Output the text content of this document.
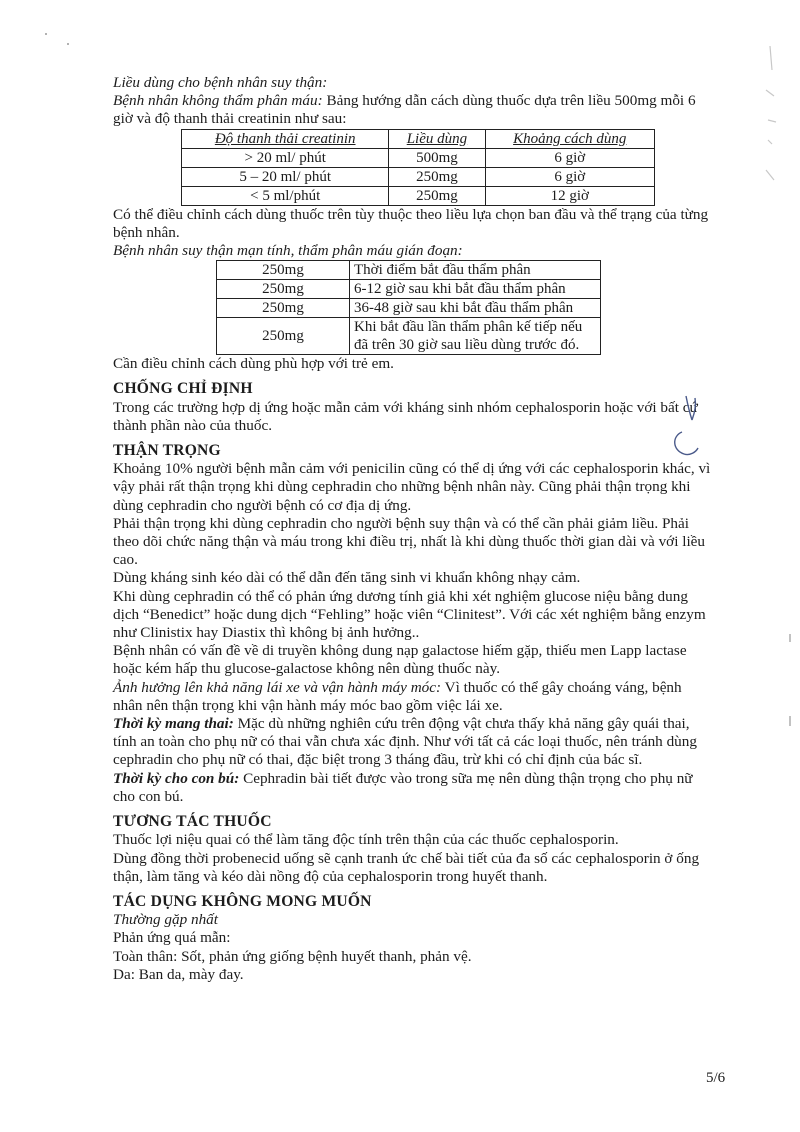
Liều dùng cho bệnh nhân suy thận:

Bệnh nhân không thẩm phân máu: Bảng hướng dẫn cách dùng thuốc dựa trên liều 500mg mỗi 6 giờ và độ thanh thải creatinin như sau:

Độ thanh thải creatinin	Liều dùng	Khoảng cách dùng
> 20 ml/ phút	500mg	6 giờ
5 – 20 ml/ phút	250mg	6 giờ
< 5 ml/phút	250mg	12 giờ

Có thể điều chỉnh cách dùng thuốc trên tùy thuộc theo liều lựa chọn ban đầu và thể trạng của từng bệnh nhân.

Bệnh nhân suy thận mạn tính, thẩm phân máu gián đoạn:

250mg	Thời điểm bắt đầu thẩm phân
250mg	6-12 giờ sau khi bắt đầu thẩm phân
250mg	36-48 giờ sau khi bắt đầu thẩm phân
250mg	Khi bắt đầu lần thẩm phân kế tiếp nếu đã trên 30 giờ sau liều dùng trước đó.

Cần điều chỉnh cách dùng phù hợp với trẻ em.

CHỐNG CHỈ ĐỊNH

Trong các trường hợp dị ứng hoặc mẫn cảm với kháng sinh nhóm cephalosporin hoặc với bất cứ thành phần nào của thuốc.

THẬN TRỌNG

Khoảng 10% người bệnh mẫn cảm với penicilin cũng có thể dị ứng với các cephalosporin khác, vì vậy phải rất thận trọng khi dùng cephradin cho những bệnh nhân này. Cũng phải thận trọng khi dùng cephradin cho người bệnh có cơ địa dị ứng.

Phải thận trọng khi dùng cephradin cho người bệnh suy thận và có thể cần phải giảm liều. Phải theo dõi chức năng thận và máu trong khi điều trị, nhất là khi dùng thuốc thời gian dài và với liều cao.

Dùng kháng sinh kéo dài có thể dẫn đến tăng sinh vi khuẩn không nhạy cảm.

Khi dùng cephradin có thể có phản ứng dương tính giả khi xét nghiệm glucose niệu bằng dung dịch “Benedict” hoặc dung dịch “Fehling” hoặc viên “Clinitest”. Với các xét nghiệm bằng enzym như Clinistix hay Diastix thì không bị ảnh hưởng..

Bệnh nhân có vấn đề về di truyền không dung nạp galactose hiếm gặp, thiếu men Lapp lactase hoặc kém hấp thu glucose-galactose không nên dùng thuốc này.

Ảnh hưởng lên khả năng lái xe và vận hành máy móc: Vì thuốc có thể gây choáng váng, bệnh nhân nên thận trọng khi vận hành máy móc bao gồm việc lái xe.

Thời kỳ mang thai: Mặc dù những nghiên cứu trên động vật chưa thấy khả năng gây quái thai, tính an toàn cho phụ nữ có thai vẫn chưa xác định. Như với tất cả các loại thuốc, nên tránh dùng cephradin cho phụ nữ có thai, đặc biệt trong 3 tháng đầu, trừ khi có chỉ định của bác sĩ.

Thời kỳ cho con bú: Cephradin bài tiết được vào trong sữa mẹ nên dùng thận trọng cho phụ nữ cho con bú.

TƯƠNG TÁC THUỐC

Thuốc lợi niệu quai có thể làm tăng độc tính trên thận của các thuốc cephalosporin.

Dùng đồng thời probenecid uống sẽ cạnh tranh ức chế bài tiết của đa số các cephalosporin ở ống thận, làm tăng và kéo dài nồng độ của cephalosporin trong huyết thanh.

TÁC DỤNG KHÔNG MONG MUỐN

Thường gặp nhất

Phản ứng quá mẫn:

Toàn thân: Sốt, phản ứng giống bệnh huyết thanh, phản vệ.

Da: Ban da, mày đay.

5/6
